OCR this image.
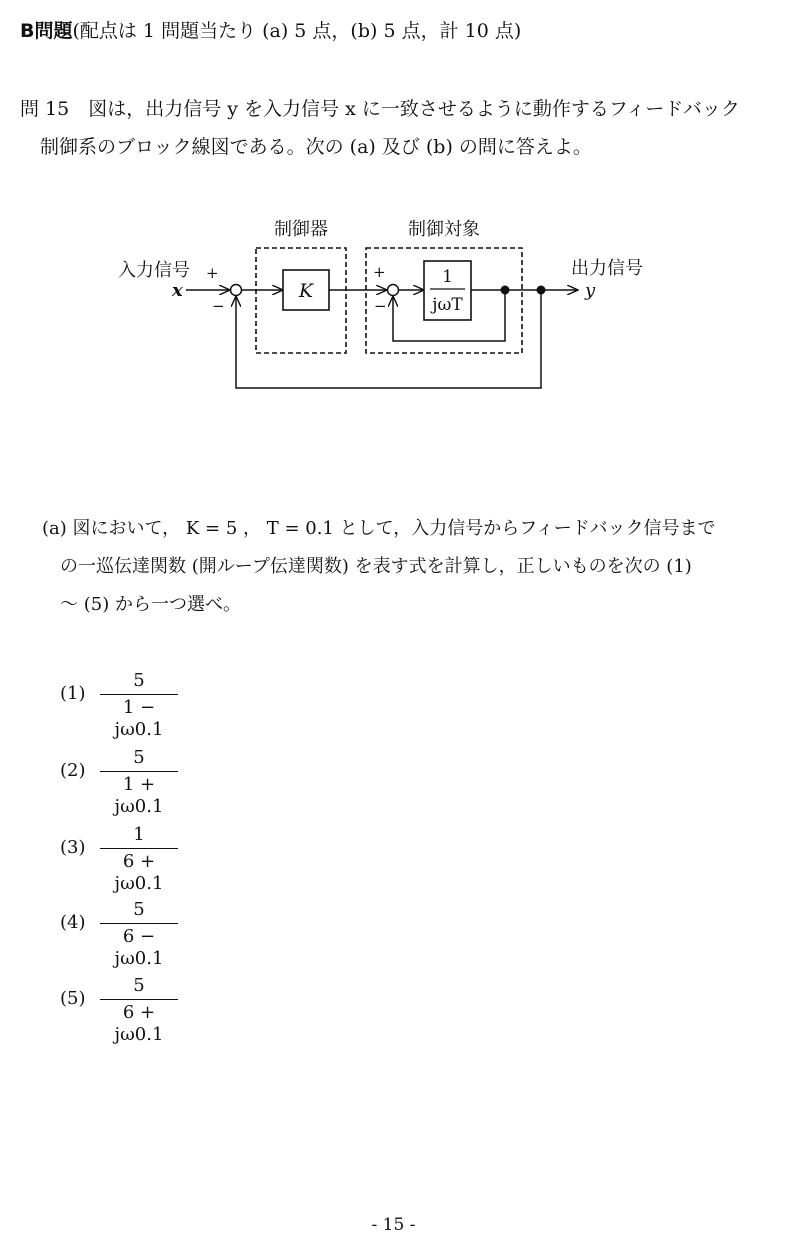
B問題(配点は 1 問題当たり (a) 5 点，(b) 5 点，計 10 点)
問 15　図は，出力信号 y を入力信号 x に一致させるように動作するフィードバック
制御系のブロック線図である。次の (a) 及び (b) の問に答えよ。
制御器	制御対象
入力信号
x
+
−
出力信号
y
K
+
−
1
jωT
(a) 図において， K = 5 ， T = 0.1 として，入力信号からフィードバック信号まで
の一巡伝達関数 (開ループ伝達関数) を表す式を計算し，正しいものを次の (1)
〜 (5) から一つ選べ。
(1)
5
1 − jω0.1
(2)
5
1 + jω0.1
(3)
1
6 + jω0.1
(4)
5
6 − jω0.1
(5)
5
6 + jω0.1
- 15 -
